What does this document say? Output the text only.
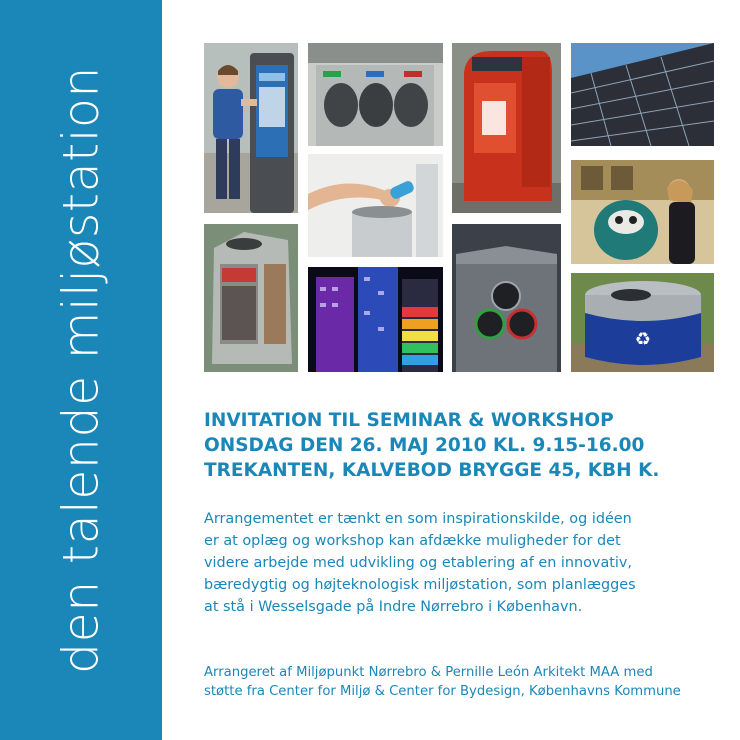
den talende miljøstation	♻
INVITATION TIL SEMINAR & WORKSHOP
ONSDAG DEN 26. MAJ 2010 KL. 9.15-16.00
TREKANTEN, KALVEBOD BRYGGE 45, KBH K.
Arrangementet er tænkt en som inspirationskilde, og idéen
er at oplæg og workshop kan afdække muligheder for det
videre arbejde med udvikling og etablering af en innovativ,
bæredygtig og højteknologisk miljøstation, som planlægges
at stå i Wesselsgade på Indre Nørrebro i København.
Arrangeret af Miljøpunkt Nørrebro & Pernille León Arkitekt MAA med
støtte fra Center for Miljø & Center for Bydesign, Københavns Kommune
